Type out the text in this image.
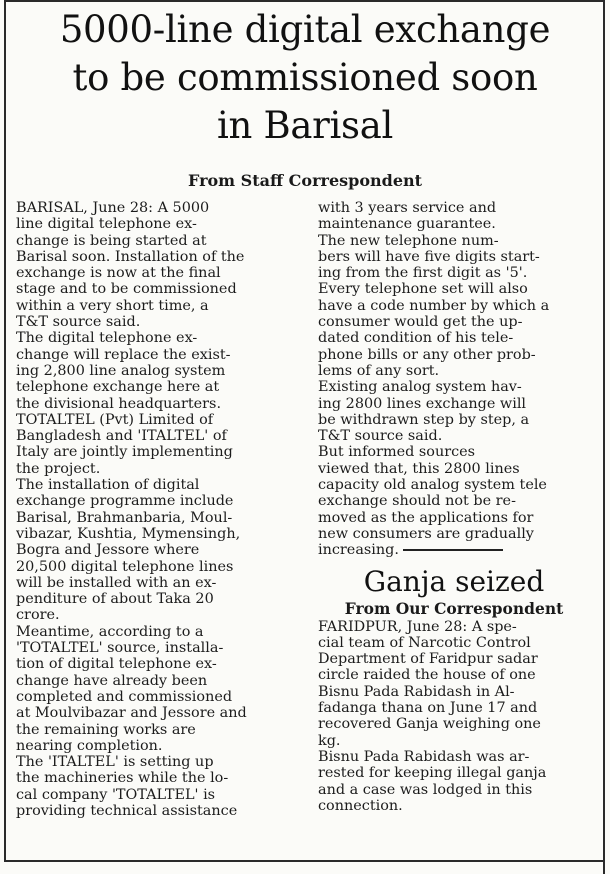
5000-line digital exchange
to be commissioned soon
in Barisal
From Staff Correspondent
BARISAL, June 28: A 5000
line digital telephone ex-
change is being started at
Barisal soon. Installation of the
exchange is now at the final
stage and to be commissioned
within a very short time, a
T&T source said.
The digital telephone ex-
change will replace the exist-
ing 2,800 line analog system
telephone exchange here at
the divisional headquarters.
TOTALTEL (Pvt) Limited of
Bangladesh and 'ITALTEL' of
Italy are jointly implementing
the project.
The installation of digital
exchange programme include
Barisal, Brahmanbaria, Moul-
vibazar, Kushtia, Mymensingh,
Bogra and Jessore where
20,500 digital telephone lines
will be installed with an ex-
penditure of about Taka 20
crore.
Meantime, according to a
'TOTALTEL' source, installa-
tion of digital telephone ex-
change have already been
completed and commissioned
at Moulvibazar and Jessore and
the remaining works are
nearing completion.
The 'ITALTEL' is setting up
the machineries while the lo-
cal company 'TOTALTEL' is
providing technical assistance
with 3 years service and
maintenance guarantee.
The new telephone num-
bers will have five digits start-
ing from the first digit as '5'.
Every telephone set will also
have a code number by which a
consumer would get the up-
dated condition of his tele-
phone bills or any other prob-
lems of any sort.
Existing analog system hav-
ing 2800 lines exchange will
be withdrawn step by step, a
T&T source said.
But informed sources
viewed that, this 2800 lines
capacity old analog system tele
exchange should not be re-
moved as the applications for
new consumers are gradually
increasing.
Ganja seized
From Our Correspondent
FARIDPUR, June 28: A spe-
cial team of Narcotic Control
Department of Faridpur sadar
circle raided the house of one
Bisnu Pada Rabidash in Al-
fadanga thana on June 17 and
recovered Ganja weighing one
kg.
Bisnu Pada Rabidash was ar-
rested for keeping illegal ganja
and a case was lodged in this
connection.
